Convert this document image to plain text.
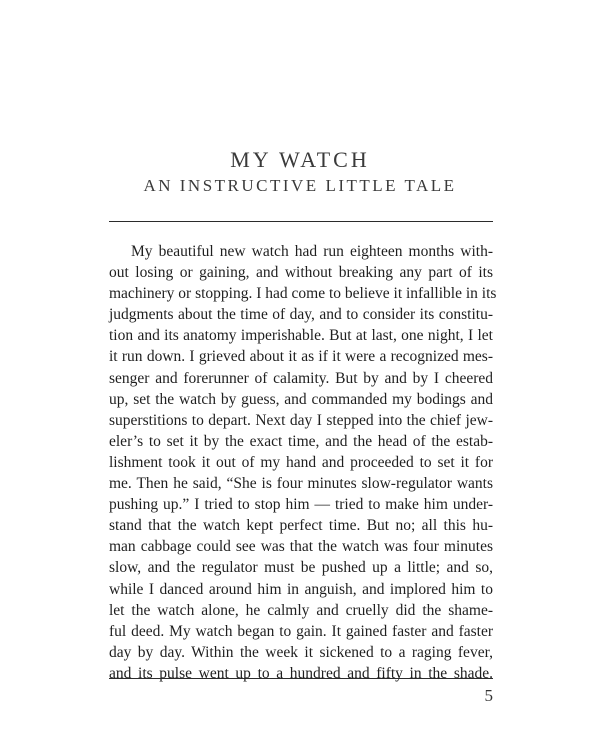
MY WATCH
AN INSTRUCTIVE LITTLE TALE
My beautiful new watch had run eighteen months with-
out losing or gaining, and without breaking any part of its
machinery or stopping. I had come to believe it infallible in its
judgments about the time of day, and to consider its constitu-
tion and its anatomy imperishable. But at last, one night, I let
it run down. I grieved about it as if it were a recognized mes-
senger and forerunner of calamity. But by and by I cheered
up, set the watch by guess, and commanded my bodings and
superstitions to depart. Next day I stepped into the chief jew-
eler’s to set it by the exact time, and the head of the estab-
lishment took it out of my hand and proceeded to set it for
me. Then he said, “She is four minutes slow-regulator wants
pushing up.” I tried to stop him — tried to make him under-
stand that the watch kept perfect time. But no; all this hu-
man cabbage could see was that the watch was four minutes
slow, and the regulator must be pushed up a little; and so,
while I danced around him in anguish, and implored him to
let the watch alone, he calmly and cruelly did the shame-
ful deed. My watch began to gain. It gained faster and faster
day by day. Within the week it sickened to a raging fever,
and its pulse went up to a hundred and fifty in the shade.
5
